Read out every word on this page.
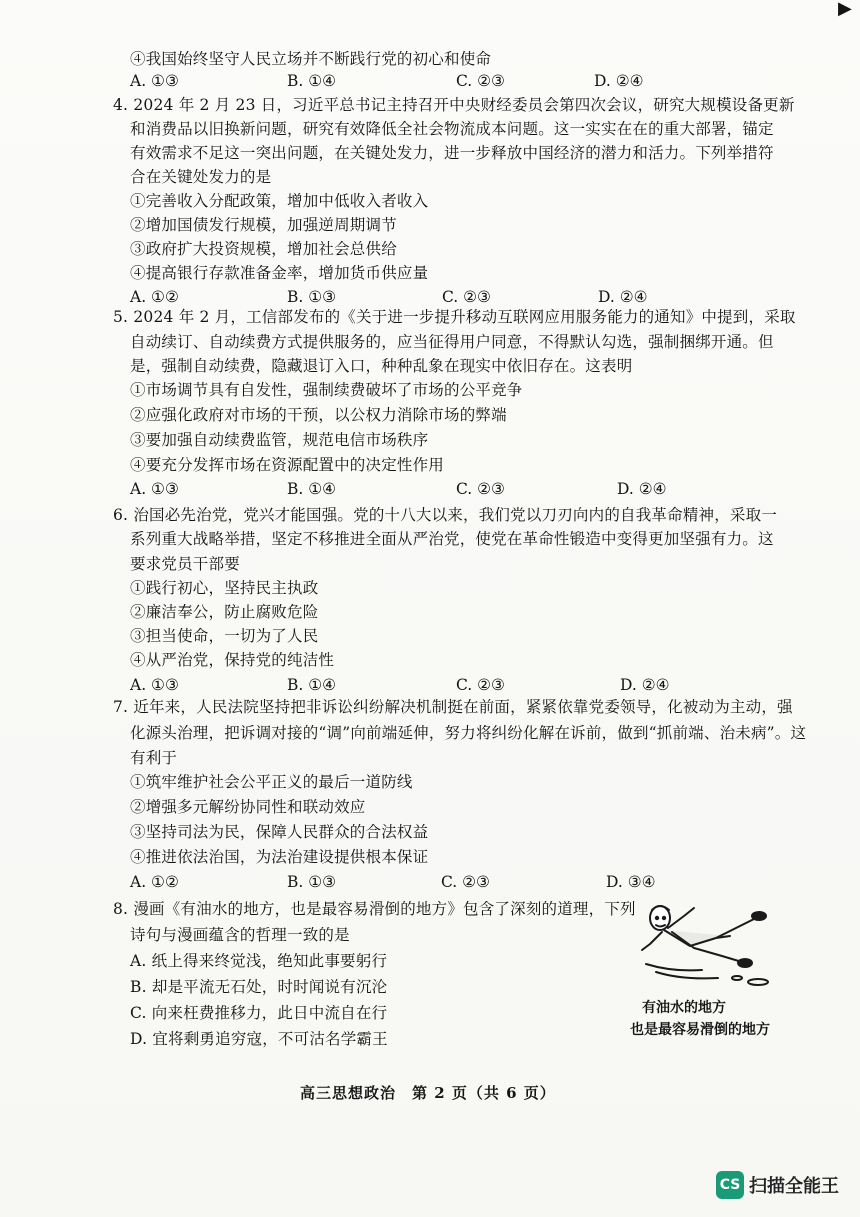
▶
④我国始终坚守人民立场并不断践行党的初心和使命
A. ①③	B. ①④	C. ②③	D. ②④
4. 2024 年 2 月 23 日，习近平总书记主持召开中央财经委员会第四次会议，研究大规模设备更新
和消费品以旧换新问题，研究有效降低全社会物流成本问题。这一实实在在的重大部署，锚定
有效需求不足这一突出问题，在关键处发力，进一步释放中国经济的潜力和活力。下列举措符
合在关键处发力的是
①完善收入分配政策，增加中低收入者收入
②增加国债发行规模，加强逆周期调节
③政府扩大投资规模，增加社会总供给
④提高银行存款准备金率，增加货币供应量
A. ①②	B. ①③	C. ②③	D. ②④
5. 2024 年 2 月，工信部发布的《关于进一步提升移动互联网应用服务能力的通知》中提到，采取
自动续订、自动续费方式提供服务的，应当征得用户同意，不得默认勾选，强制捆绑开通。但
是，强制自动续费，隐藏退订入口，种种乱象在现实中依旧存在。这表明
①市场调节具有自发性，强制续费破坏了市场的公平竞争
②应强化政府对市场的干预，以公权力消除市场的弊端
③要加强自动续费监管，规范电信市场秩序
④要充分发挥市场在资源配置中的决定性作用
A. ①③	B. ①④	C. ②③	D. ②④
6. 治国必先治党，党兴才能国强。党的十八大以来，我们党以刀刃向内的自我革命精神，采取一
系列重大战略举措，坚定不移推进全面从严治党，使党在革命性锻造中变得更加坚强有力。这
要求党员干部要
①践行初心，坚持民主执政
②廉洁奉公，防止腐败危险
③担当使命，一切为了人民
④从严治党，保持党的纯洁性
A. ①③	B. ①④	C. ②③	D. ②④
7. 近年来，人民法院坚持把非诉讼纠纷解决机制挺在前面，紧紧依靠党委领导，化被动为主动，强
化源头治理，把诉调对接的“调”向前端延伸，努力将纠纷化解在诉前，做到“抓前端、治未病”。这
有利于
①筑牢维护社会公平正义的最后一道防线
②增强多元解纷协同性和联动效应
③坚持司法为民，保障人民群众的合法权益
④推进依法治国，为法治建设提供根本保证
A. ①②	B. ①③	C. ②③	D. ③④
8. 漫画《有油水的地方，也是最容易滑倒的地方》包含了深刻的道理，下列
诗句与漫画蕴含的哲理一致的是
A. 纸上得来终觉浅，绝知此事要躬行
B. 却是平流无石处，时时闻说有沉沦
C. 向来枉费推移力，此日中流自在行
D. 宜将剩勇追穷寇，不可沽名学霸王
有油水的地方
也是最容易滑倒的地方
高三思想政治　第 2 页（共 6 页）
CS 扫描全能王
